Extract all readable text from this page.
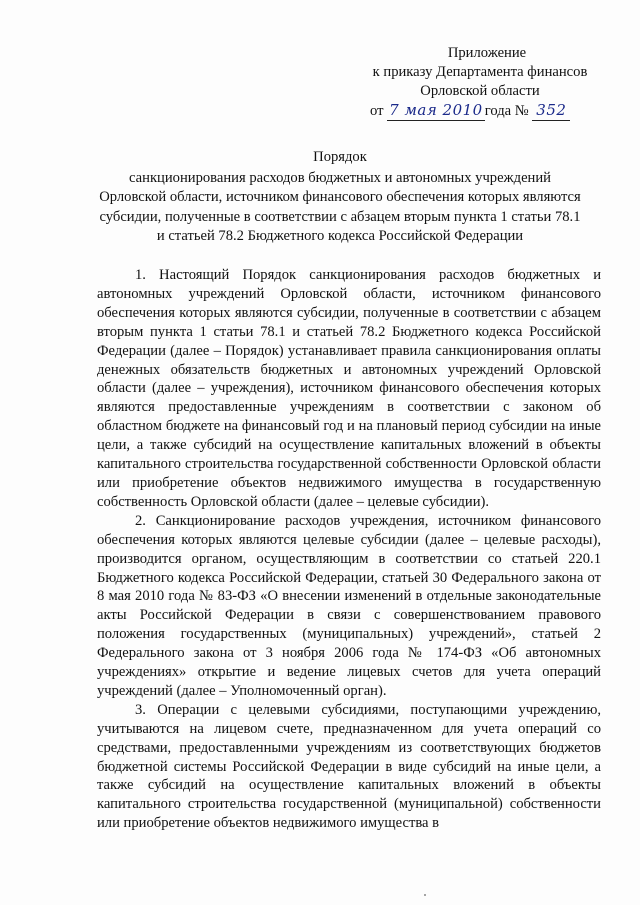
Приложение
к приказу Департамента финансов
Орловской области
от 7 мая 2010 года № 352
Порядок
санкционирования расходов бюджетных и автономных учреждений
Орловской области, источником финансового обеспечения которых являются
субсидии, полученные в соответствии с абзацем вторым пункта 1 статьи 78.1
и статьей 78.2 Бюджетного кодекса Российской Федерации

1. Настоящий Порядок санкционирования расходов бюджетных и автономных учреждений Орловской области, источником финансового обеспечения которых являются субсидии, полученные в соответствии с абзацем вторым пункта 1 статьи 78.1 и статьей 78.2 Бюджетного кодекса Российской Федерации (далее – Порядок) устанавливает правила санкционирования оплаты денежных обязательств бюджетных и автономных учреждений Орловской области (далее – учреждения), источником финансового обеспечения которых являются предоставленные учреждениям в соответствии с законом об областном бюджете на финансовый год и на плановый период субсидии на иные цели, а также субсидий на осуществление капитальных вложений в объекты капитального строительства государственной собственности Орловской области или приобретение объектов недвижимого имущества в государственную собственность Орловской области (далее – целевые субсидии).

2. Санкционирование расходов учреждения, источником финансового обеспечения которых являются целевые субсидии (далее – целевые расходы), производится органом, осуществляющим в соответствии со статьей 220.1 Бюджетного кодекса Российской Федерации, статьей 30 Федерального закона от 8 мая 2010 года № 83-ФЗ «О внесении изменений в отдельные законодательные акты Российской Федерации в связи с совершенствованием правового положения государственных (муниципальных) учреждений», статьей 2 Федерального закона от 3 ноября 2006 года № 174-ФЗ «Об автономных учреждениях» открытие и ведение лицевых счетов для учета операций учреждений (далее – Уполномоченный орган).

3. Операции с целевыми субсидиями, поступающими учреждению, учитываются на лицевом счете, предназначенном для учета операций со средствами, предоставленными учреждениям из соответствующих бюджетов бюджетной системы Российской Федерации в виде субсидий на иные цели, а также субсидий на осуществление капитальных вложений в объекты капитального строительства государственной (муниципальной) собственности или приобретение объектов недвижимого имущества в
